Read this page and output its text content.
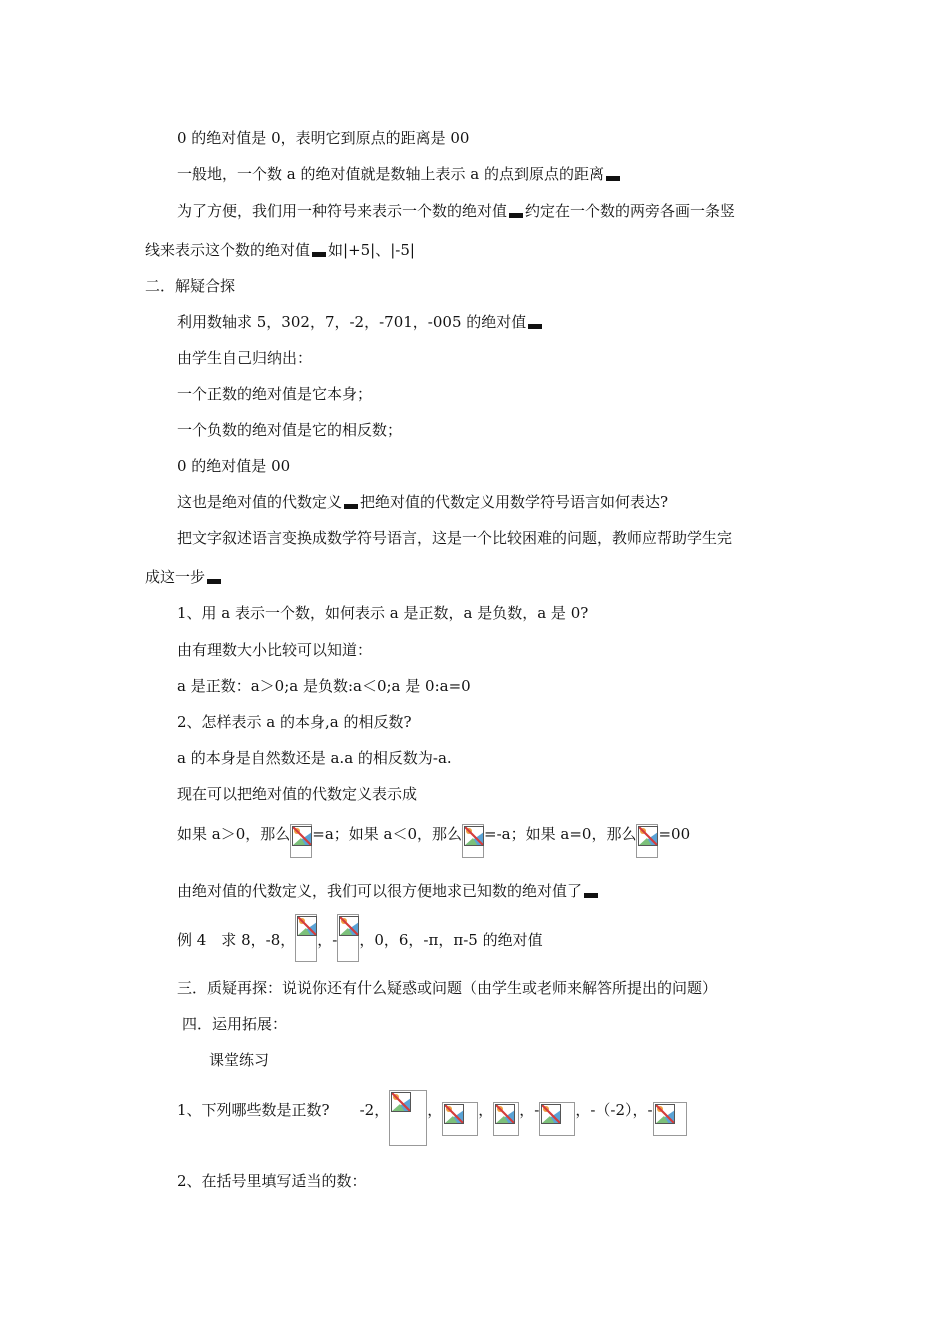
0 的绝对值是 0，表明它到原点的距离是 00
一般地，一个数 a 的绝对值就是数轴上表示 a 的点到原点的距离
为了方便，我们用一种符号来表示一个数的绝对值 约定在一个数的两旁各画一条竖
线来表示这个数的绝对值 如|+5|、|-5|
二．解疑合探
利用数轴求 5，302，7，-2，-701，-005 的绝对值
由学生自己归纳出：
一个正数的绝对值是它本身；
一个负数的绝对值是它的相反数；
0 的绝对值是 00
这也是绝对值的代数定义 把绝对值的代数定义用数学符号语言如何表达?
把文字叙述语言变换成数学符号语言，这是一个比较困难的问题，教师应帮助学生完
成这一步
1、用 a 表示一个数，如何表示 a 是正数，a 是负数，a 是 0?
由有理数大小比较可以知道：
a 是正数：a＞0;a 是负数:a＜0;a 是 0:a=0
2、怎样表示 a 的本身,a 的相反数?
a 的本身是自然数还是 a.a 的相反数为-a.
现在可以把绝对值的代数定义表示成
如果 a＞0，那么 =a；如果 a＜0，那么 =-a；如果 a=0，那么 =00
由绝对值的代数定义，我们可以很方便地求已知数的绝对值了
例 4　求 8，-8， ，- ，0，6，-π，π-5 的绝对值
三．质疑再探：说说你还有什么疑惑或问题（由学生或老师来解答所提出的问题）
四．运用拓展：
课堂练习
1、下列哪些数是正数?　　-2，	， ， ，- ，-（-2），-
2、在括号里填写适当的数：
